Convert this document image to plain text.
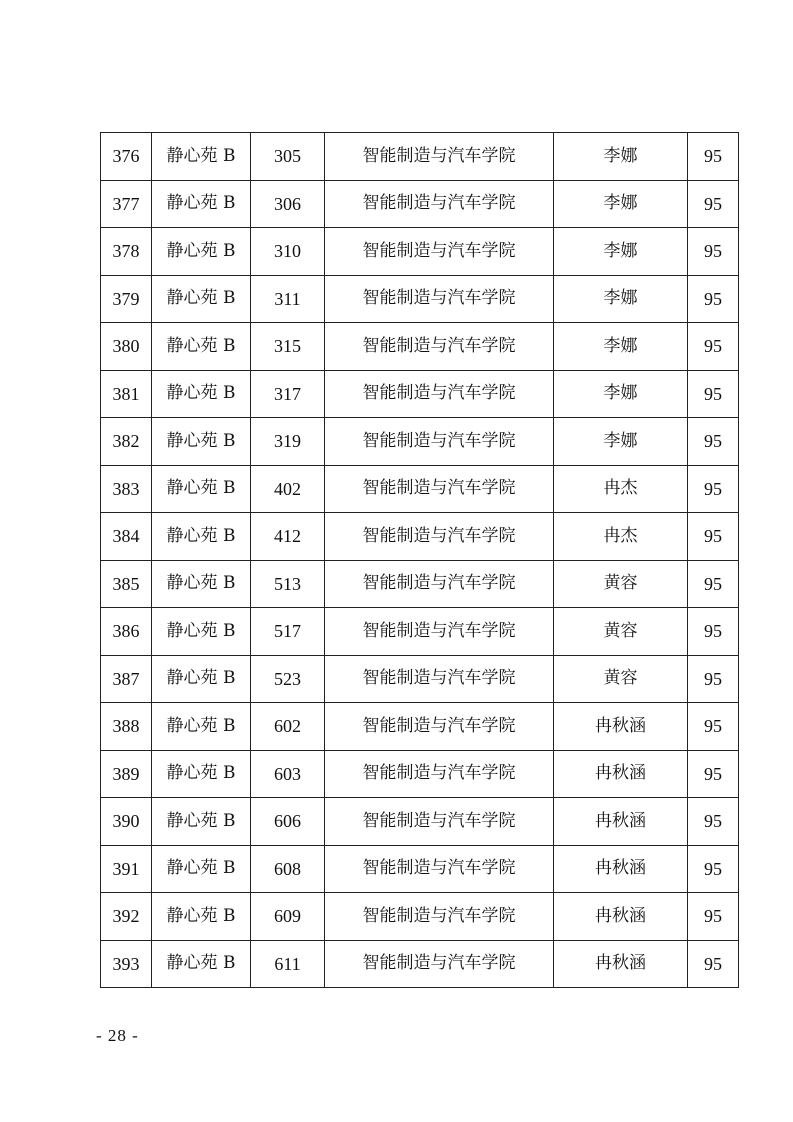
376	静心苑 B	305	智能制造与汽车学院	李娜	95
377	静心苑 B	306	智能制造与汽车学院	李娜	95
378	静心苑 B	310	智能制造与汽车学院	李娜	95
379	静心苑 B	311	智能制造与汽车学院	李娜	95
380	静心苑 B	315	智能制造与汽车学院	李娜	95
381	静心苑 B	317	智能制造与汽车学院	李娜	95
382	静心苑 B	319	智能制造与汽车学院	李娜	95
383	静心苑 B	402	智能制造与汽车学院	冉杰	95
384	静心苑 B	412	智能制造与汽车学院	冉杰	95
385	静心苑 B	513	智能制造与汽车学院	黄容	95
386	静心苑 B	517	智能制造与汽车学院	黄容	95
387	静心苑 B	523	智能制造与汽车学院	黄容	95
388	静心苑 B	602	智能制造与汽车学院	冉秋涵	95
389	静心苑 B	603	智能制造与汽车学院	冉秋涵	95
390	静心苑 B	606	智能制造与汽车学院	冉秋涵	95
391	静心苑 B	608	智能制造与汽车学院	冉秋涵	95
392	静心苑 B	609	智能制造与汽车学院	冉秋涵	95
393	静心苑 B	611	智能制造与汽车学院	冉秋涵	95
- 28 -
